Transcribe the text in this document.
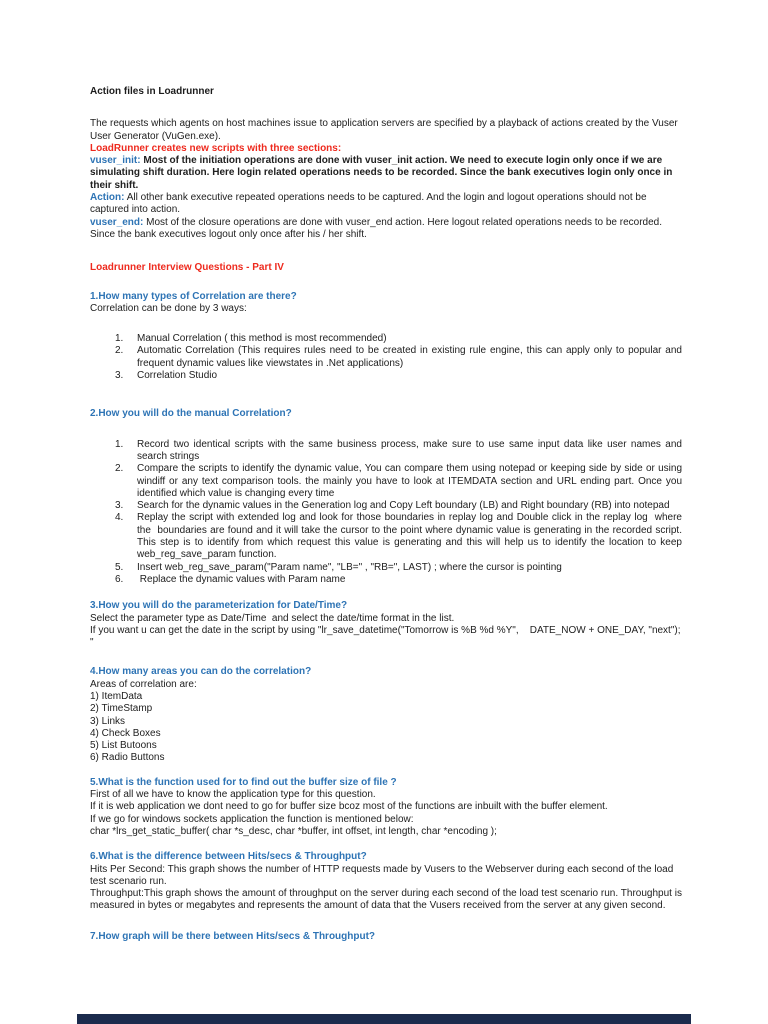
Action files in Loadrunner

The requests which agents on host machines issue to application servers are specified by a playback of actions created by the Vuser User Generator (VuGen.exe).

LoadRunner creates new scripts with three sections:

vuser_init: Most of the initiation operations are done with vuser_init action. We need to execute login only once if we are simulating shift duration. Here login related operations needs to be recorded. Since the bank executives login only once in their shift.

Action: All other bank executive repeated operations needs to be captured. And the login and logout operations should not be captured into action.

vuser_end: Most of the closure operations are done with vuser_end action. Here logout related operations needs to be recorded. Since the bank executives logout only once after his / her shift.

Loadrunner Interview Questions - Part IV

1.How many types of Correlation are there?

Correlation can be done by 3 ways:

1.	Manual Correlation ( this method is most recommended)
2.	Automatic Correlation (This requires rules need to be created in existing rule engine, this can apply only to popular and frequent dynamic values like viewstates in .Net applications)
3.	Correlation Studio

2.How you will do the manual Correlation?

1.	Record two identical scripts with the same business process, make sure to use same input data like user names and search strings
2.	Compare the scripts to identify the dynamic value, You can compare them using notepad or keeping side by side or using windiff or any text comparison tools. the mainly you have to look at ITEMDATA section and URL ending part. Once you identified which value is changing every time
3.	Search for the dynamic values in the Generation log and Copy Left boundary (LB) and Right boundary (RB) into notepad
4.	Replay the script with extended log and look for those boundaries in replay log and Double click in the replay log  where the  boundaries are found and it will take the cursor to the point where dynamic value is generating in the recorded script. This step is to identify from which request this value is generating and this will help us to identify the location to keep web_reg_save_param function.
5.	Insert web_reg_save_param("Param name", "LB=" , "RB=", LAST) ; where the cursor is pointing
6.	Replace the dynamic values with Param name

3.How you will do the parameterization for Date/Time?

Select the parameter type as Date/Time  and select the date/time format in the list.

If you want u can get the date in the script by using "lr_save_datetime("Tomorrow is %B %d %Y",    DATE_NOW + ONE_DAY, "next"); "

4.How many areas you can do the correlation?

Areas of correlation are:

1) ItemData

2) TimeStamp

3) Links

4) Check Boxes

5) List Butoons

6) Radio Buttons

5.What is the function used for to find out the buffer size of file ?

First of all we have to know the application type for this question.

If it is web application we dont need to go for buffer size bcoz most of the functions are inbuilt with the buffer element.

If we go for windows sockets application the function is mentioned below:

char *lrs_get_static_buffer( char *s_desc, char *buffer, int offset, int length, char *encoding );

6.What is the difference between Hits/secs & Throughput?

Hits Per Second: This graph shows the number of HTTP requests made by Vusers to the Webserver during each second of the load test scenario run.

Throughput:This graph shows the amount of throughput on the server during each second of the load test scenario run. Throughput is measured in bytes or megabytes and represents the amount of data that the Vusers received from the server at any given second.

7.How graph will be there between Hits/secs & Throughput?
